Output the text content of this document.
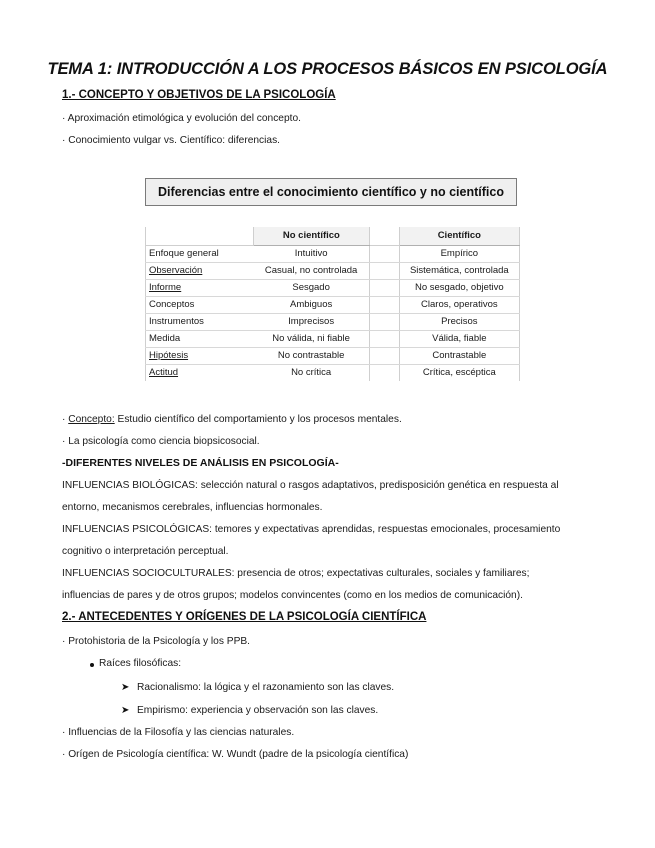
TEMA 1: INTRODUCCIÓN A LOS PROCESOS BÁSICOS EN PSICOLOGÍA
1.- CONCEPTO Y OBJETIVOS DE LA PSICOLOGÍA
· Aproximación etimológica y evolución del concepto.
· Conocimiento vulgar vs. Científico: diferencias.
Diferencias entre el conocimiento científico y no científico
	No científico		Científico
Enfoque general	Intuitivo		Empírico
Observación	Casual, no controlada		Sistemática, controlada
Informe	Sesgado		No sesgado, objetivo
Conceptos	Ambiguos		Claros, operativos
Instrumentos	Imprecisos		Precisos
Medida	No válida, ni fiable		Válida, fiable
Hipótesis	No contrastable		Contrastable
Actitud	No crítica		Crítica, escéptica
· Concepto: Estudio científico del comportamiento y los procesos mentales.
· La psicología como ciencia biopsicosocial.
-DIFERENTES NIVELES DE ANÁLISIS EN PSICOLOGÍA-
INFLUENCIAS BIOLÓGICAS: selección natural o rasgos adaptativos, predisposición genética en respuesta al
entorno, mecanismos cerebrales, influencias hormonales.
INFLUENCIAS PSICOLÓGICAS: temores y expectativas aprendidas, respuestas emocionales, procesamiento
cognitivo o interpretación perceptual.
INFLUENCIAS SOCIOCULTURALES: presencia de otros; expectativas culturales, sociales y familiares;
influencias de pares y de otros grupos; modelos convincentes (como en los medios de comunicación).
2.- ANTECEDENTES Y ORÍGENES DE LA PSICOLOGÍA CIENTÍFICA
· Protohistoria de la Psicología y los PPB.
Raíces filosóficas:
➤ Racionalismo: la lógica y el razonamiento son las claves.
➤ Empirismo: experiencia y observación son las claves.
· Influencias de la Filosofía y las ciencias naturales.
· Orígen de Psicología científica: W. Wundt (padre de la psicología científica)
